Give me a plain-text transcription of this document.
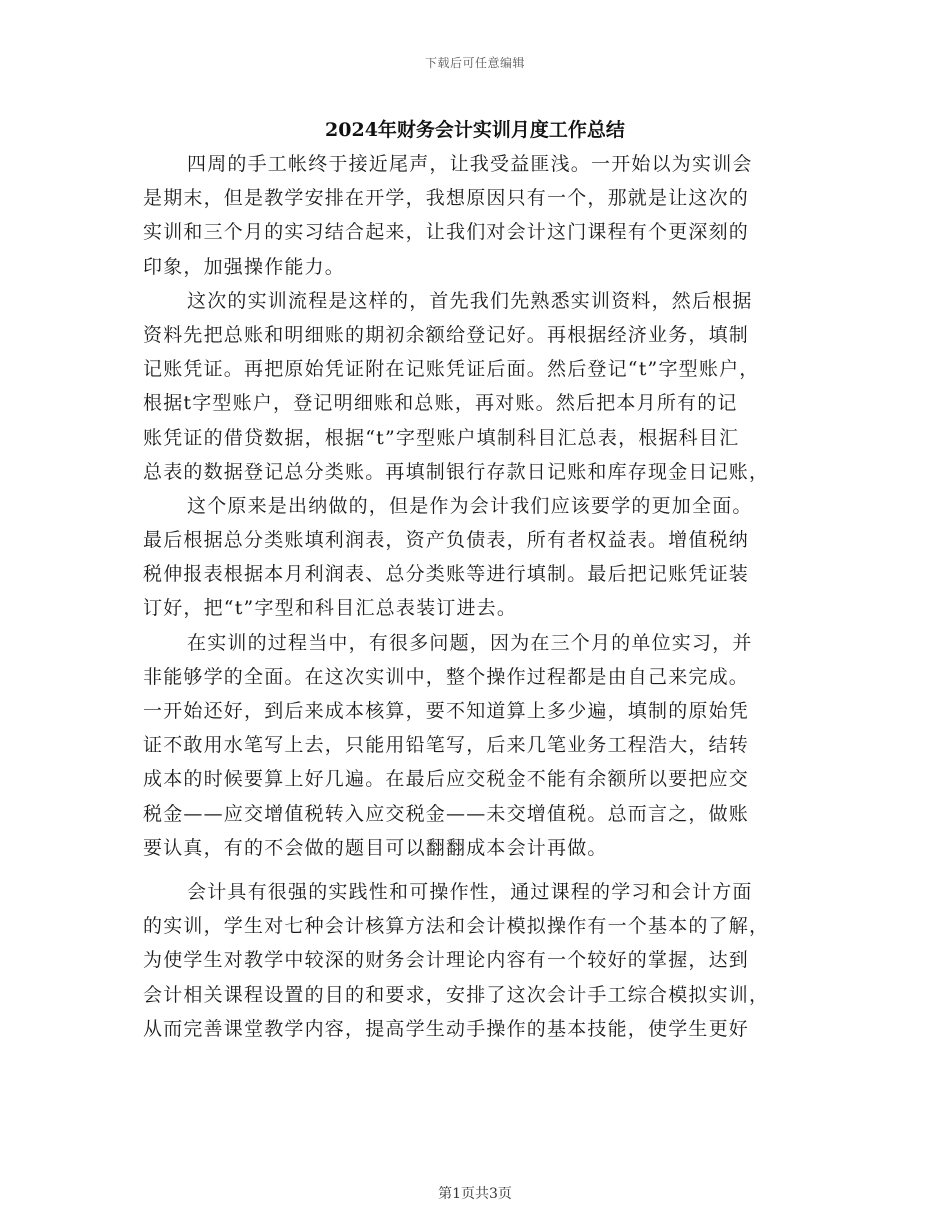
下载后可任意编辑
2024年财务会计实训月度工作总结
四周的手工帐终于接近尾声，让我受益匪浅。一开始以为实训会
是期末，但是教学安排在开学，我想原因只有一个，那就是让这次的
实训和三个月的实习结合起来，让我们对会计这门课程有个更深刻的
印象，加强操作能力。
这次的实训流程是这样的，首先我们先熟悉实训资料，然后根据
资料先把总账和明细账的期初余额给登记好。再根据经济业务，填制
记账凭证。再把原始凭证附在记账凭证后面。然后登记“t”字型账户，
根据t字型账户，登记明细账和总账，再对账。然后把本月所有的记
账凭证的借贷数据，根据“t”字型账户填制科目汇总表，根据科目汇
总表的数据登记总分类账。再填制银行存款日记账和库存现金日记账，
这个原来是出纳做的，但是作为会计我们应该要学的更加全面。
最后根据总分类账填利润表，资产负债表，所有者权益表。增值税纳
税伸报表根据本月利润表、总分类账等进行填制。最后把记账凭证装
订好，把“t”字型和科目汇总表装订进去。
在实训的过程当中，有很多问题，因为在三个月的单位实习，并
非能够学的全面。在这次实训中，整个操作过程都是由自己来完成。
一开始还好，到后来成本核算，要不知道算上多少遍，填制的原始凭
证不敢用水笔写上去，只能用铅笔写，后来几笔业务工程浩大，结转
成本的时候要算上好几遍。在最后应交税金不能有余额所以要把应交
税金——应交增值税转入应交税金——未交增值税。总而言之，做账
要认真，有的不会做的题目可以翻翻成本会计再做。
会计具有很强的实践性和可操作性，通过课程的学习和会计方面
的实训，学生对七种会计核算方法和会计模拟操作有一个基本的了解，
为使学生对教学中较深的财务会计理论内容有一个较好的掌握，达到
会计相关课程设置的目的和要求，安排了这次会计手工综合模拟实训，
从而完善课堂教学内容，提高学生动手操作的基本技能，使学生更好
第1页共3页
